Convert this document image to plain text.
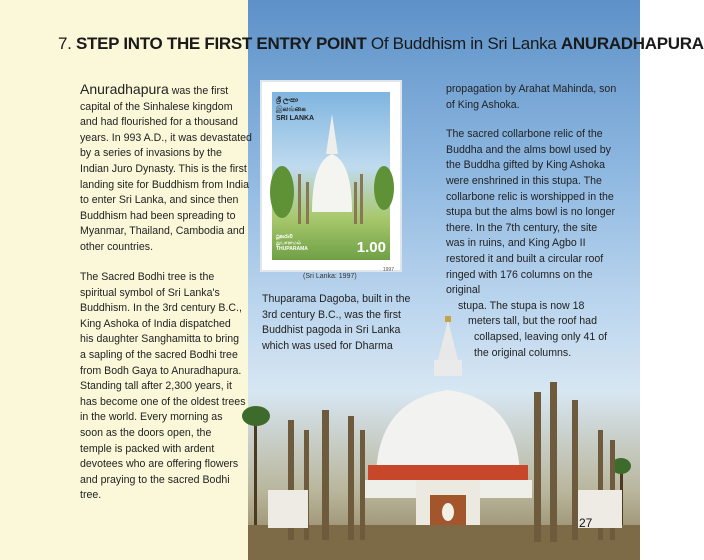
7. STEP INTO THE FIRST ENTRY POINT Of Buddhism in Sri Lanka ANURADHAPURA

Anuradhapura was the first capital of the Sinhalese kingdom and had flourished for a thousand years. In 993 A.D., it was devastated by a series of invasions by the Indian Juro Dynasty. This is the first landing site for Buddhism from India to enter Sri Lanka, and since then Buddhism had been spreading to Myanmar, Thailand, Cambodia and other countries.

The Sacred Bodhi tree is the spiritual symbol of Sri Lanka's Buddhism. In the 3rd century B.C., King Ashoka of India dispatched his daughter Sanghamitta to bring a sapling of the sacred Bodhi tree from Bodh Gaya to Anuradhapura. Standing tall after 2,300 years, it has become one of the oldest trees in the world. Every morning as soon as the doors open, the temple is packed with ardent devotees who are offering flowers and praying to the sacred Bodhi tree.

ශ්‍රී ලංකා
இலங்கை
SRI LANKA
ථූපාරාම
தூபாராமம்
THUPARAMA	1.00
1997
(Sri Lanka: 1997)

Thuparama Dagoba, built in the 3rd century B.C., was the first Buddhist pagoda in Sri Lanka which was used for Dharma

propagation by Arahat Mahinda, son of King Ashoka.

The sacred collarbone relic of the Buddha and the alms bowl used by the Buddha gifted by King Ashoka were enshrined in this stupa. The collarbone relic is worshipped in the stupa but the alms bowl is no longer there. In the 7th century, the site was in ruins, and King Agbo II restored it and built a circular roof ringed with 176 columns on the original

stupa. The stupa is now 18

meters tall, but the roof had

collapsed, leaving only 41 of

the original columns.

27
